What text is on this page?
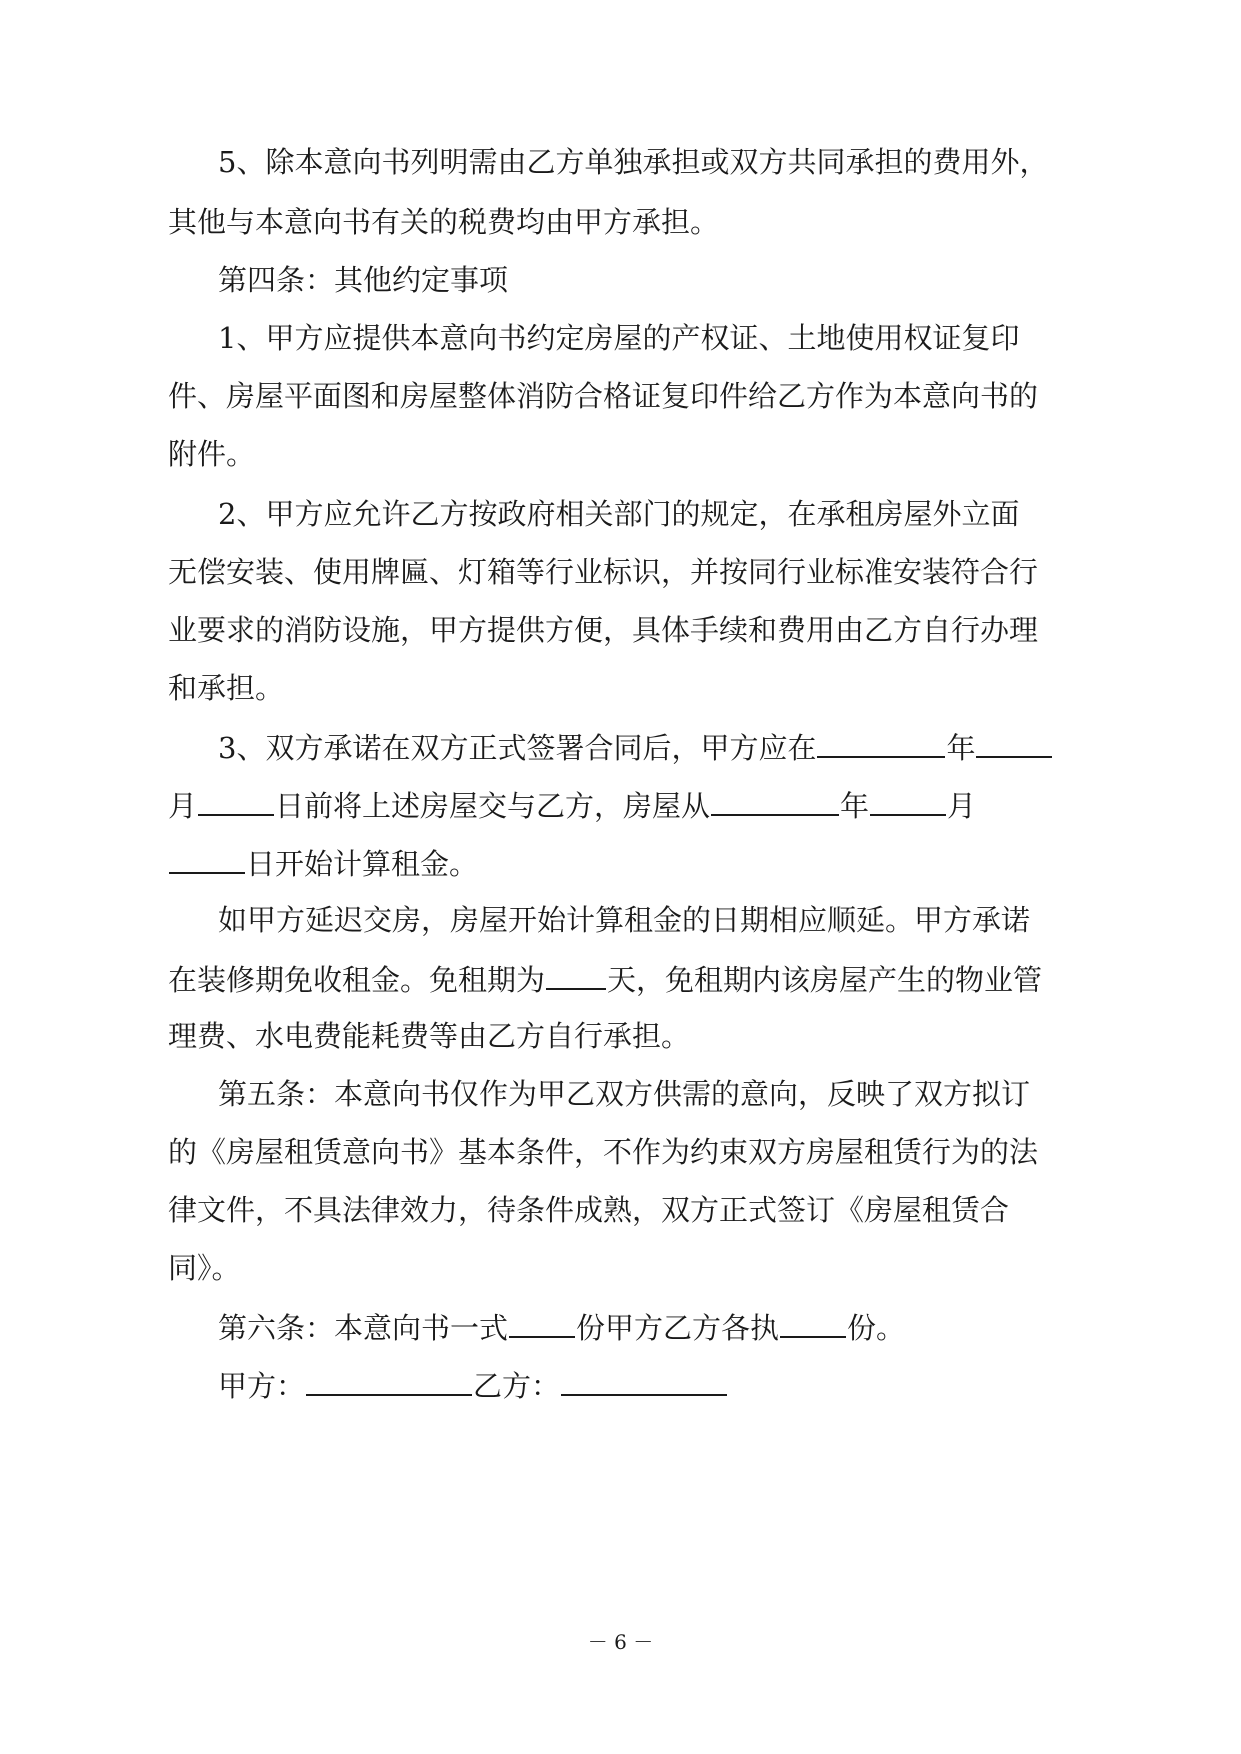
5、除本意向书列明需由乙方单独承担或双方共同承担的费用外，
其他与本意向书有关的税费均由甲方承担。
第四条：其他约定事项
1、甲方应提供本意向书约定房屋的产权证、土地使用权证复印
件、房屋平面图和房屋整体消防合格证复印件给乙方作为本意向书的
附件。
2、甲方应允许乙方按政府相关部门的规定，在承租房屋外立面
无偿安装、使用牌匾、灯箱等行业标识，并按同行业标准安装符合行
业要求的消防设施，甲方提供方便，具体手续和费用由乙方自行办理
和承担。
3、双方承诺在双方正式签署合同后，甲方应在	年
月	日前将上述房屋交与乙方，房屋从	年	月
日开始计算租金。
如甲方延迟交房，房屋开始计算租金的日期相应顺延。甲方承诺
在装修期免收租金。免租期为 天，免租期内该房屋产生的物业管
理费、水电费能耗费等由乙方自行承担。
第五条：本意向书仅作为甲乙双方供需的意向，反映了双方拟订
的《房屋租赁意向书》基本条件，不作为约束双方房屋租赁行为的法
律文件，不具法律效力，待条件成熟，双方正式签订《房屋租赁合
同》。
第六条：本意向书一式 份甲方乙方各执 份。
甲方：	乙方：
－ 6 －
